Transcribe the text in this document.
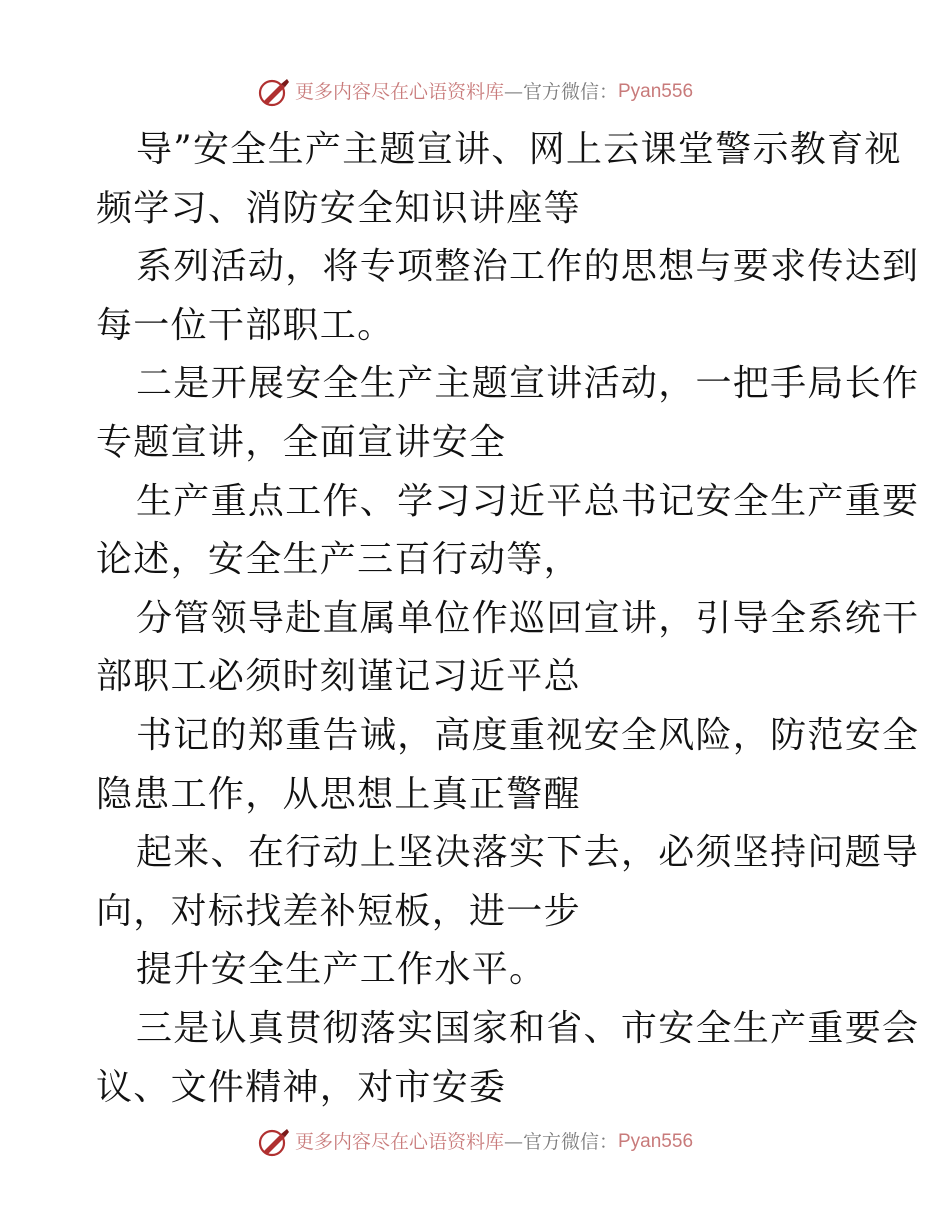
更多内容尽在心语资料库 — 官方微信： Pyan556
导”安全生产主题宣讲、网上云课堂警示教育视
频学习、消防安全知识讲座等
系列活动，将专项整治工作的思想与要求传达到
每一位干部职工。
二是开展安全生产主题宣讲活动，一把手局长作
专题宣讲，全面宣讲安全
生产重点工作、学习习近平总书记安全生产重要
论述，安全生产三百行动等，
分管领导赴直属单位作巡回宣讲，引导全系统干
部职工必须时刻谨记习近平总
书记的郑重告诫，高度重视安全风险，防范安全
隐患工作，从思想上真正警醒
起来、在行动上坚决落实下去，必须坚持问题导
向，对标找差补短板，进一步
提升安全生产工作水平。
三是认真贯彻落实国家和省、市安全生产重要会
议、文件精神，对市安委
更多内容尽在心语资料库 — 官方微信： Pyan556
